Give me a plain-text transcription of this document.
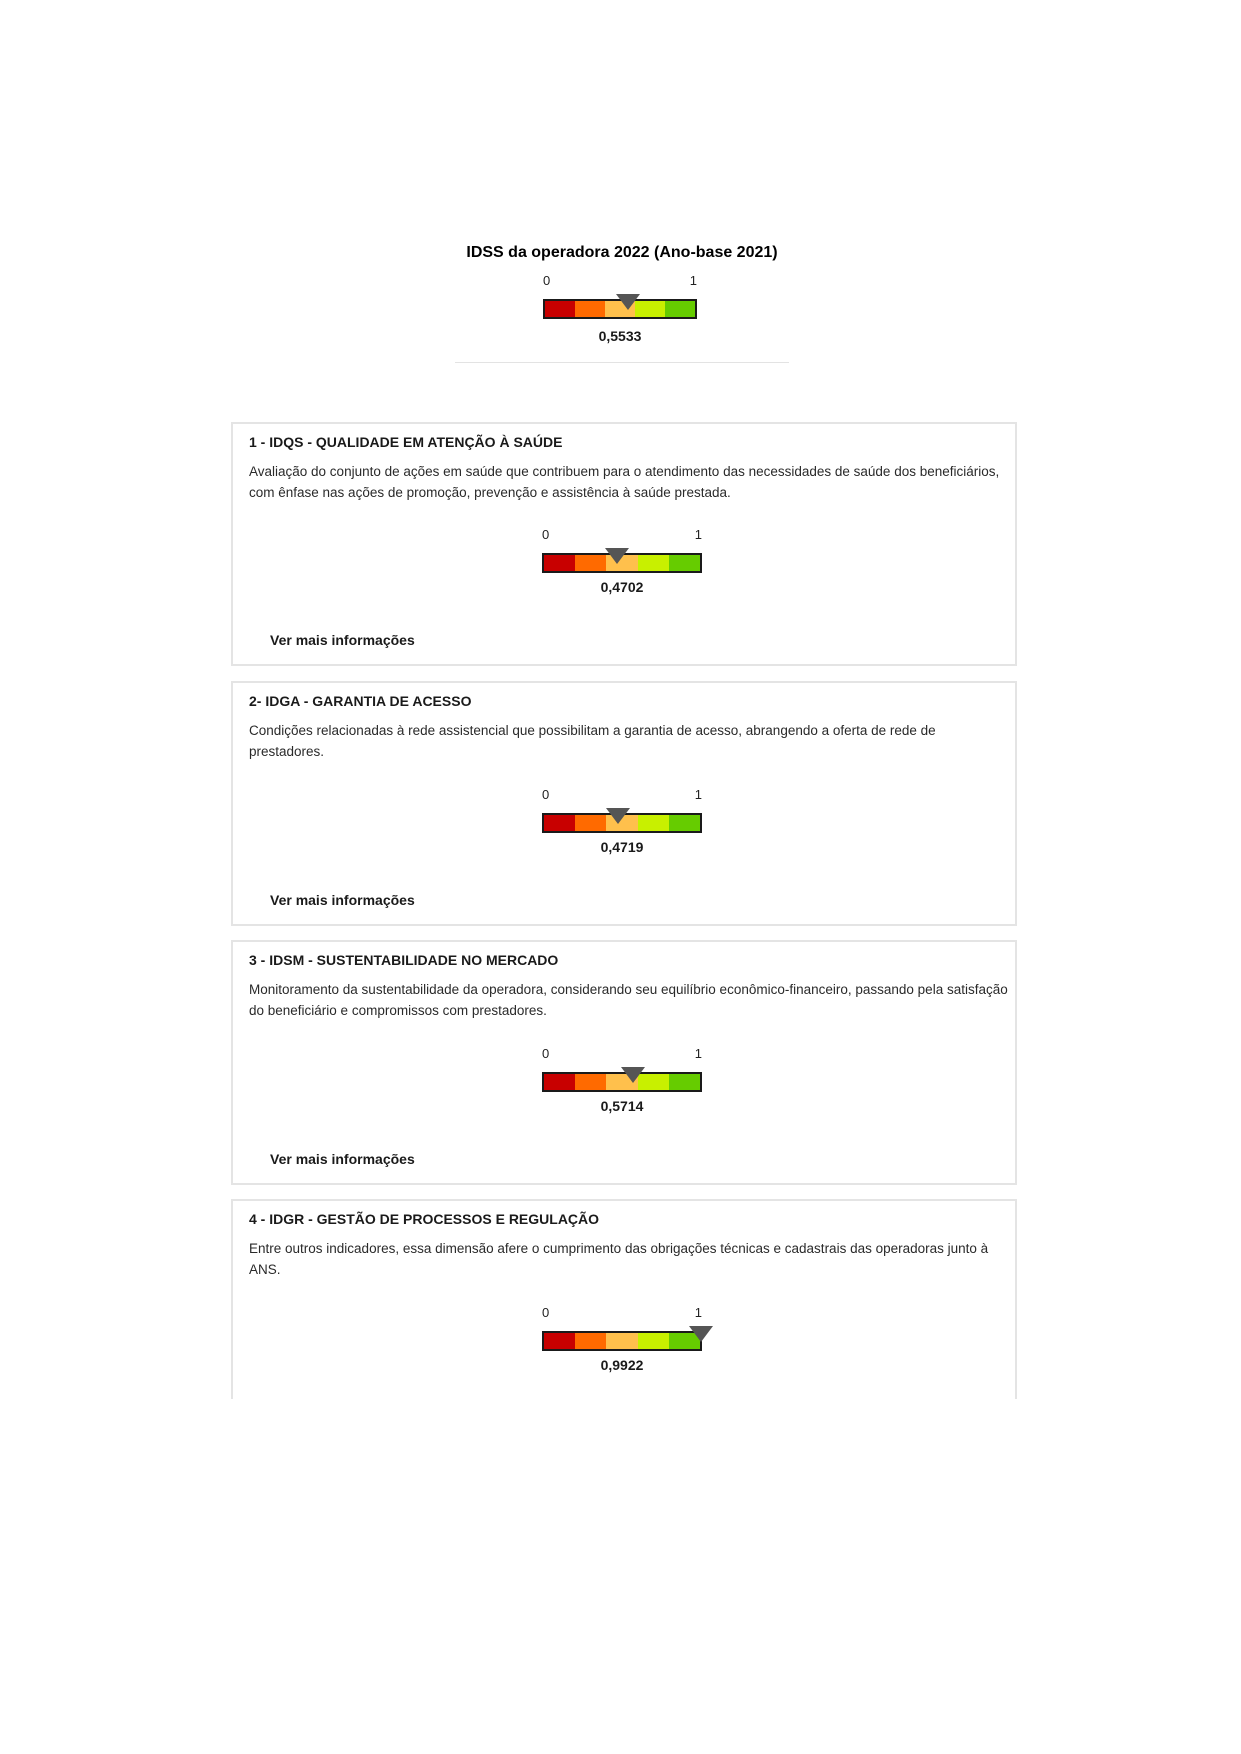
IDSS da operadora 2022 (Ano-base 2021)
0	1
0,5533
1 - IDQS - QUALIDADE EM ATENÇÃO À SAÚDE
Avaliação do conjunto de ações em saúde que contribuem para o atendimento das necessidades de saúde dos beneficiários, com ênfase nas ações de promoção, prevenção e assistência à saúde prestada.
0	1
0,4702
Ver mais informações
2- IDGA - GARANTIA DE ACESSO
Condições relacionadas à rede assistencial que possibilitam a garantia de acesso, abrangendo a oferta de rede de prestadores.
0	1
0,4719
Ver mais informações
3 - IDSM - SUSTENTABILIDADE NO MERCADO
Monitoramento da sustentabilidade da operadora, considerando seu equilíbrio econômico-financeiro, passando pela satisfação do beneficiário e compromissos com prestadores.
0	1
0,5714
Ver mais informações
4 - IDGR - GESTÃO DE PROCESSOS E REGULAÇÃO
Entre outros indicadores, essa dimensão afere o cumprimento das obrigações técnicas e cadastrais das operadoras junto à ANS.
0	1
0,9922
